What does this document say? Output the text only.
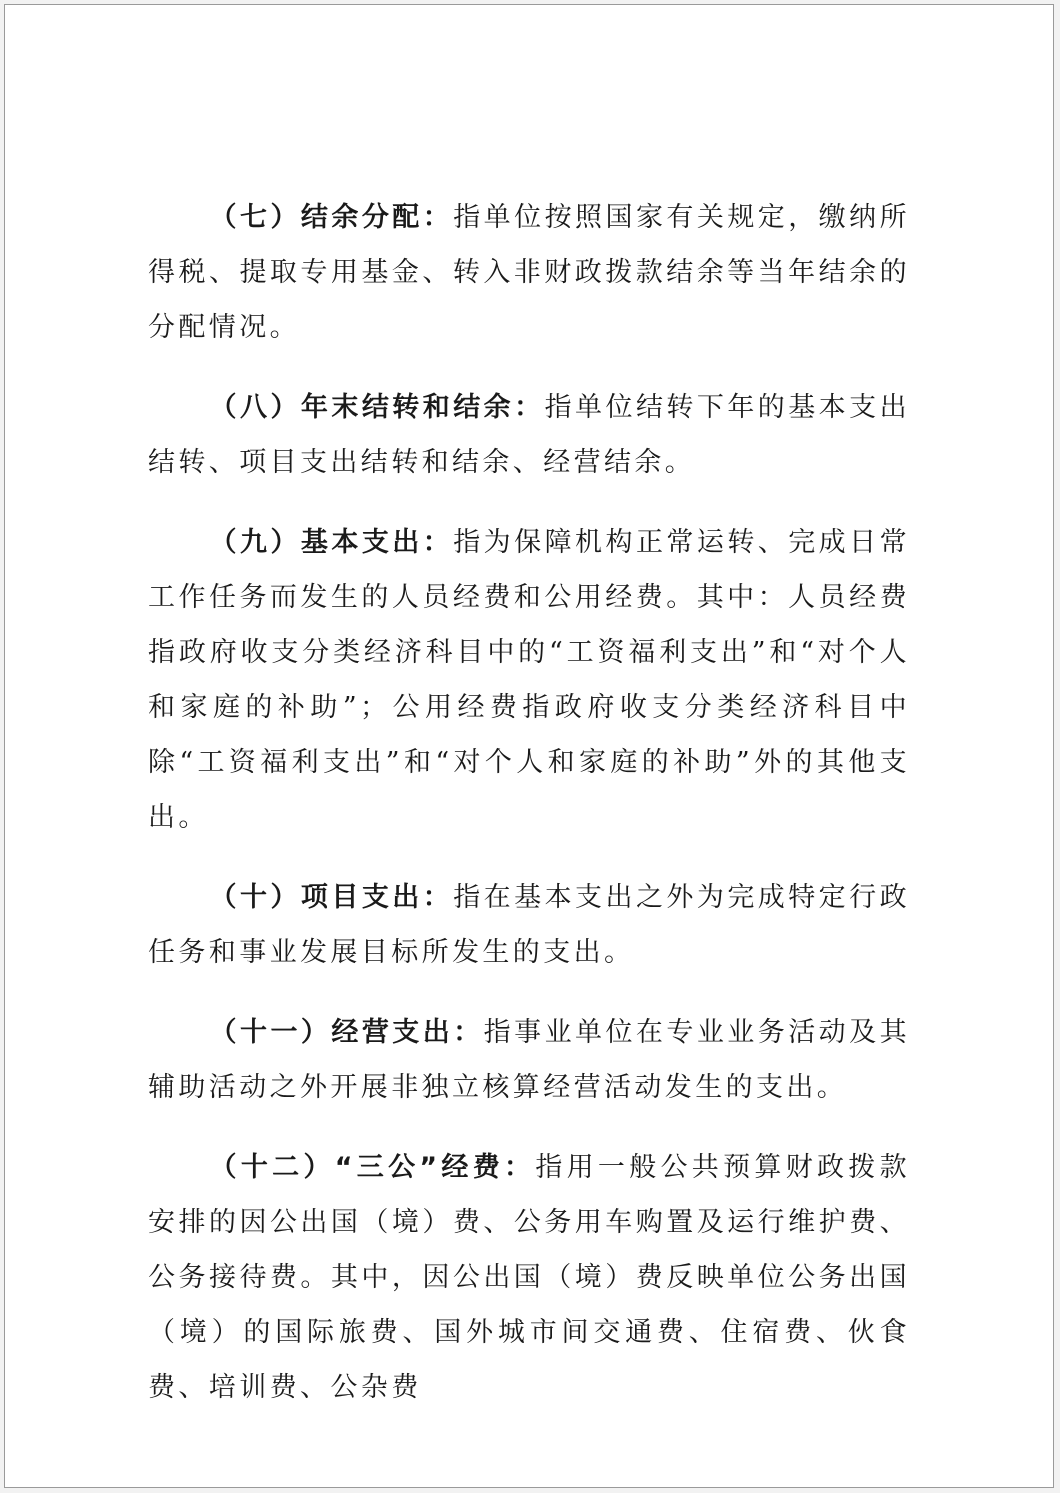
（七）结余分配：指单位按照国家有关规定，缴纳所得税、提取专用基金、转入非财政拨款结余等当年结余的分配情况。

（八）年末结转和结余：指单位结转下年的基本支出结转、项目支出结转和结余、经营结余。

（九）基本支出：指为保障机构正常运转、完成日常工作任务而发生的人员经费和公用经费。其中：人员经费指政府收支分类经济科目中的“工资福利支出”和“对个人和家庭的补助”；公用经费指政府收支分类经济科目中除“工资福利支出”和“对个人和家庭的补助”外的其他支出。

（十）项目支出：指在基本支出之外为完成特定行政任务和事业发展目标所发生的支出。

（十一）经营支出：指事业单位在专业业务活动及其辅助活动之外开展非独立核算经营活动发生的支出。

（十二）“三公”经费：指用一般公共预算财政拨款安排的因公出国（境）费、公务用车购置及运行维护费、公务接待费。其中，因公出国（境）费反映单位公务出国（境）的国际旅费、国外城市间交通费、住宿费、伙食费、培训费、公杂费
